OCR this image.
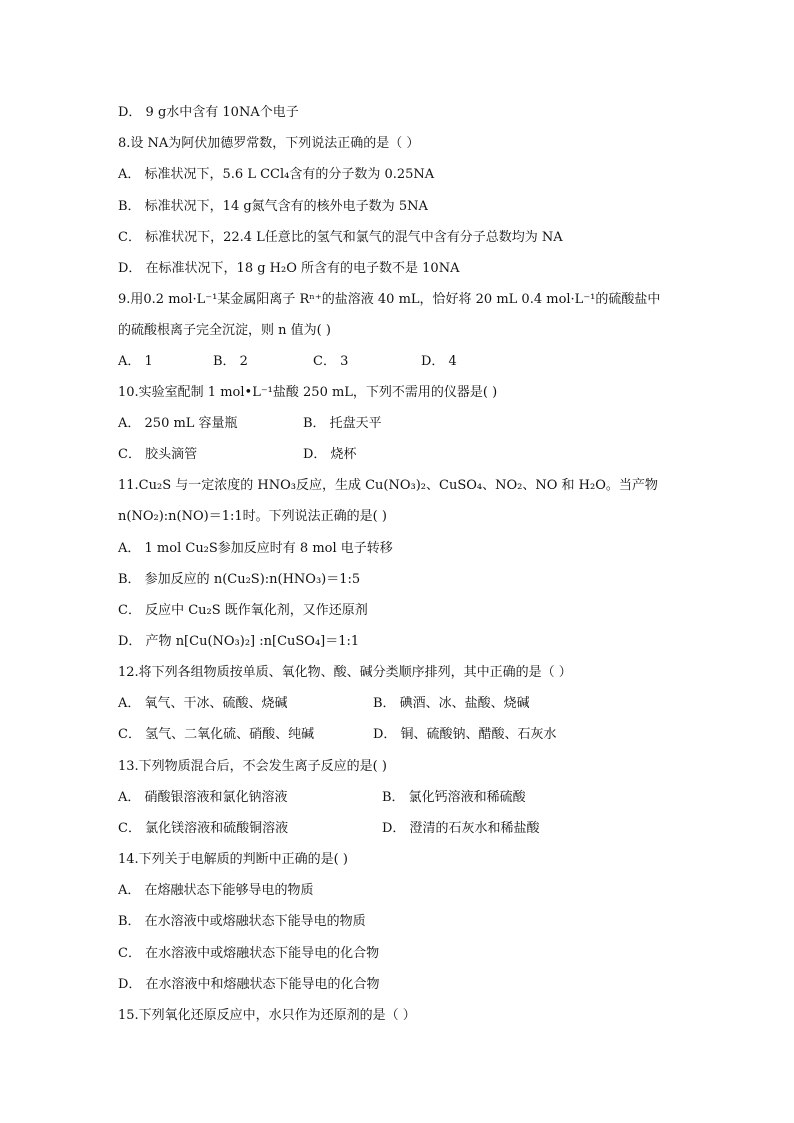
D． 9 g水中含有 10NA个电子
8.设 NA为阿伏加德罗常数，下列说法正确的是（ ）
A． 标准状况下，5.6 L CCl₄含有的分子数为 0.25NA
B． 标准状况下，14 g氮气含有的核外电子数为 5NA
C． 标准状况下，22.4 L任意比的氢气和氯气的混气中含有分子总数均为 NA
D． 在标准状况下，18 g H₂O 所含有的电子数不是 10NA
9.用0.2 mol·L⁻¹某金属阳离子 Rⁿ⁺的盐溶液 40 mL，恰好将 20 mL 0.4 mol·L⁻¹的硫酸盐中
的硫酸根离子完全沉淀，则 n 值为( )
A． 1	B． 2	C． 3	D． 4
10.实验室配制 1 mol•L⁻¹盐酸 250 mL，下列不需用的仪器是( )
A． 250 mL 容量瓶	B． 托盘天平
C． 胶头滴管	D． 烧杯
11.Cu₂S 与一定浓度的 HNO₃反应，生成 Cu(NO₃)₂、CuSO₄、NO₂、NO 和 H₂O。当产物
n(NO₂):n(NO)＝1:1时。下列说法正确的是( )
A． 1 mol Cu₂S参加反应时有 8 mol 电子转移
B． 参加反应的 n(Cu₂S):n(HNO₃)＝1:5
C． 反应中 Cu₂S 既作氧化剂，又作还原剂
D． 产物 n[Cu(NO₃)₂] :n[CuSO₄]＝1:1
12.将下列各组物质按单质、氧化物、酸、碱分类顺序排列，其中正确的是（ ）
A． 氧气、干冰、硫酸、烧碱	B． 碘酒、冰、盐酸、烧碱
C． 氢气、二氧化硫、硝酸、纯碱	D． 铜、硫酸钠、醋酸、石灰水
13.下列物质混合后，不会发生离子反应的是( )
A． 硝酸银溶液和氯化钠溶液	B． 氯化钙溶液和稀硫酸
C． 氯化镁溶液和硫酸铜溶液	D． 澄清的石灰水和稀盐酸
14.下列关于电解质的判断中正确的是( )
A． 在熔融状态下能够导电的物质
B． 在水溶液中或熔融状态下能导电的物质
C． 在水溶液中或熔融状态下能导电的化合物
D． 在水溶液中和熔融状态下能导电的化合物
15.下列氧化还原反应中，水只作为还原剂的是（ ）
